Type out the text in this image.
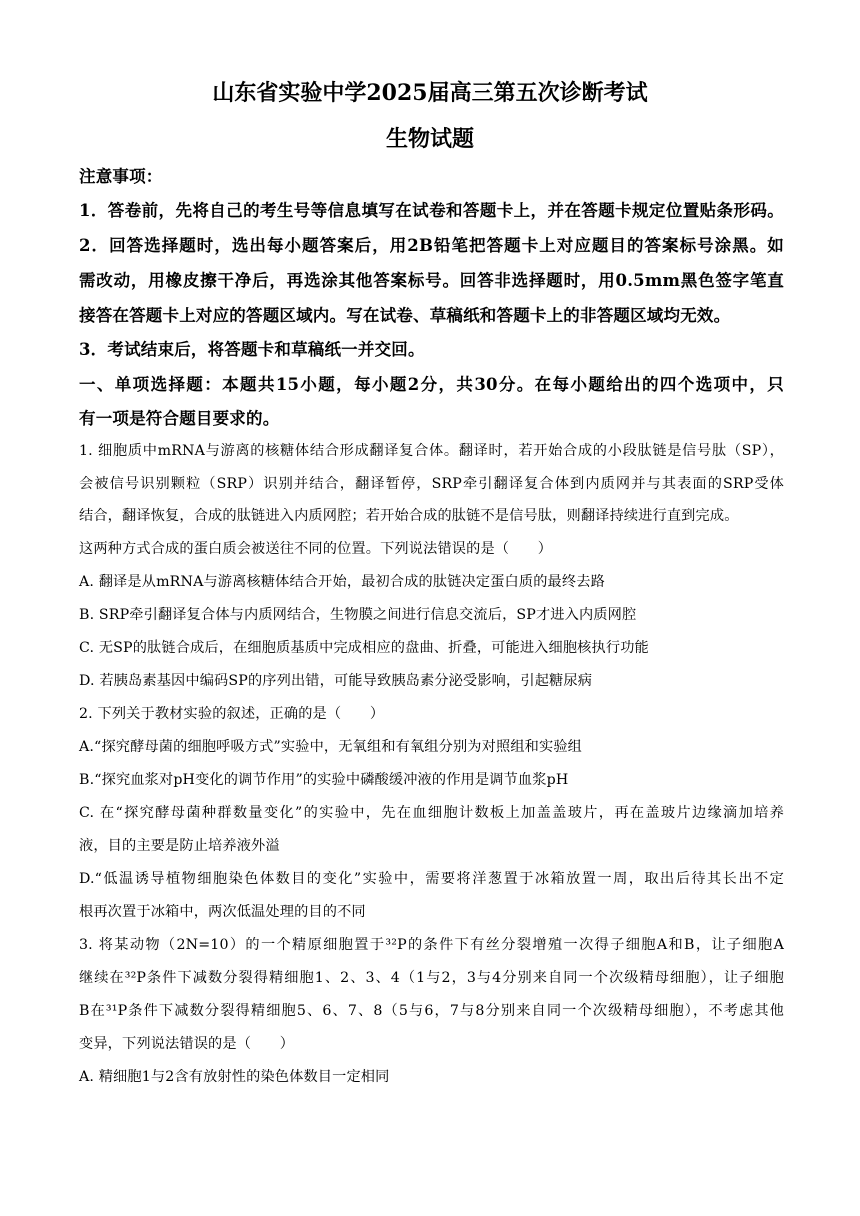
山东省实验中学2025届高三第五次诊断考试
生物试题
注意事项：
1．答卷前，先将自己的考生号等信息填写在试卷和答题卡上，并在答题卡规定位置贴条形码。
2．回答选择题时，选出每小题答案后，用2B铅笔把答题卡上对应题目的答案标号涂黑。如
需改动，用橡皮擦干净后，再选涂其他答案标号。回答非选择题时，用0.5mm黑色签字笔直
接答在答题卡上对应的答题区域内。写在试卷、草稿纸和答题卡上的非答题区域均无效。
3．考试结束后，将答题卡和草稿纸一并交回。
一、单项选择题：本题共15小题，每小题2分，共30分。在每小题给出的四个选项中，只
有一项是符合题目要求的。
1. 细胞质中mRNA与游离的核糖体结合形成翻译复合体。翻译时，若开始合成的小段肽链是信号肽（SP），
会被信号识别颗粒（SRP）识别并结合，翻译暂停，SRP牵引翻译复合体到内质网并与其表面的SRP受体
结合，翻译恢复，合成的肽链进入内质网腔；若开始合成的肽链不是信号肽，则翻译持续进行直到完成。
这两种方式合成的蛋白质会被送往不同的位置。下列说法错误的是（　　）
A. 翻译是从mRNA与游离核糖体结合开始，最初合成的肽链决定蛋白质的最终去路
B. SRP牵引翻译复合体与内质网结合，生物膜之间进行信息交流后，SP才进入内质网腔
C. 无SP的肽链合成后，在细胞质基质中完成相应的盘曲、折叠，可能进入细胞核执行功能
D. 若胰岛素基因中编码SP的序列出错，可能导致胰岛素分泌受影响，引起糖尿病
2. 下列关于教材实验的叙述，正确的是（　　）
A.“探究酵母菌的细胞呼吸方式”实验中，无氧组和有氧组分别为对照组和实验组
B.“探究血浆对pH变化的调节作用”的实验中磷酸缓冲液的作用是调节血浆pH
C. 在“探究酵母菌种群数量变化”的实验中，先在血细胞计数板上加盖盖玻片，再在盖玻片边缘滴加培养
液，目的主要是防止培养液外溢
D.“低温诱导植物细胞染色体数目的变化”实验中，需要将洋葱置于冰箱放置一周，取出后待其长出不定
根再次置于冰箱中，两次低温处理的目的不同
3. 将某动物（2N=10）的一个精原细胞置于³²P的条件下有丝分裂增殖一次得子细胞A和B，让子细胞A
继续在³²P条件下减数分裂得精细胞1、2、3、4（1与2，3与4分别来自同一个次级精母细胞），让子细胞
B在³¹P条件下减数分裂得精细胞5、6、7、8（5与6，7与8分别来自同一个次级精母细胞），不考虑其他
变异，下列说法错误的是（　　）
A. 精细胞1与2含有放射性的染色体数目一定相同
